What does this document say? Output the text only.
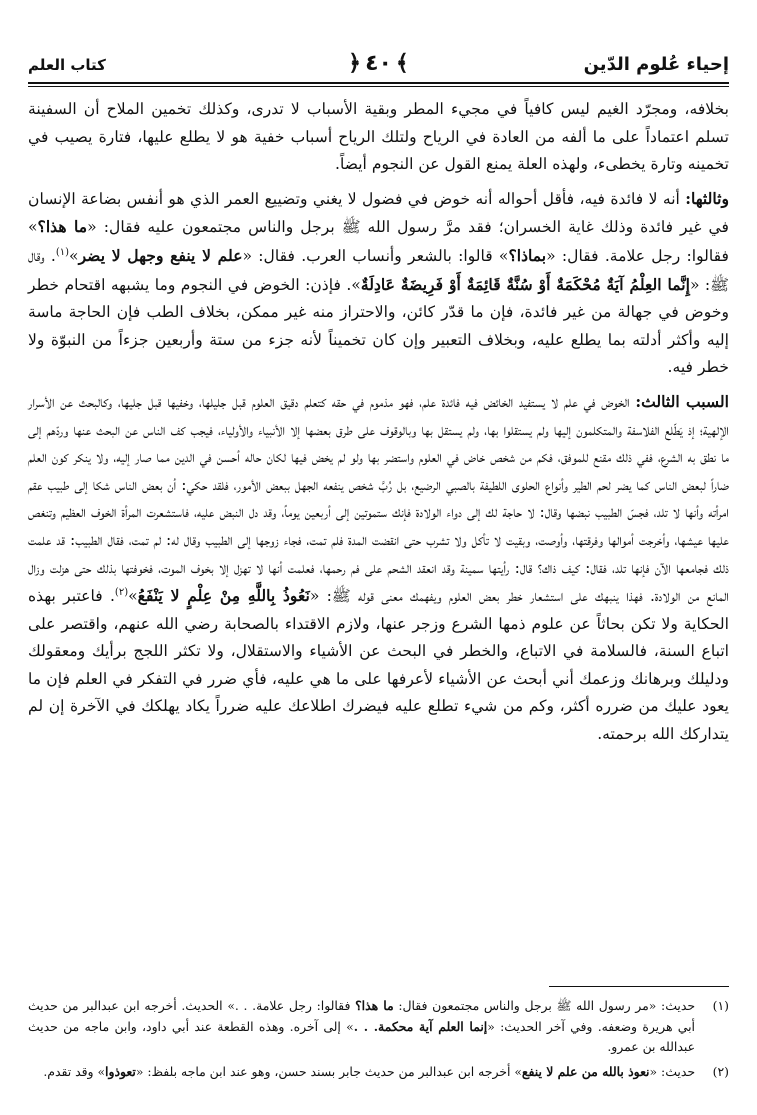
إحياء عُلوم الدّين
﴿ ٤٠ ﴾
كتاب العلم

بخلافه، ومجرّد الغيم ليس كافياً في مجيء المطر وبقية الأسباب لا تدرى، وكذلك تخمين الملاح أن السفينة تسلم اعتماداً على ما ألفه من العادة في الرياح ولتلك الرياح أسباب خفية هو لا يطلع عليها، فتارة يصيب في تخمينه وتارة يخطىء، ولهذه العلة يمنع القول عن النجوم أيضاً.

وثالثها: أنه لا فائدة فيه، فأقل أحواله أنه خوض في فضول لا يغني وتضييع العمر الذي هو أنفس بضاعة الإنسان في غير فائدة وذلك غاية الخسران؛ فقد مرَّ رسول الله ﷺ برجل والناس مجتمعون عليه فقال: «ما هذا؟» فقالوا: رجل علامة. فقال: «بماذا؟» قالوا: بالشعر وأنساب العرب. فقال: «علم لا ينفع وجهل لا يضر»$^{(١)}$. وقال ﷺ: «إِنَّما العِلْمُ آيَةٌ مُحْكَمَةٌ أَوْ سُنَّةٌ قَائِمَةٌ أَوْ فَرِيضَةٌ عَادِلَةٌ». فإذن: الخوض في النجوم وما يشبهه اقتحام خطر وخوض في جهالة من غير فائدة، فإن ما قدّر كائن، والاحتراز منه غير ممكن، بخلاف الطب فإن الحاجة ماسة إليه وأكثر أدلته بما يطلع عليه، وبخلاف التعبير وإن كان تخميناً لأنه جزء من ستة وأربعين جزءاً من النبوّة ولا خطر فيه.

السبب الثالث: الخوض في علم لا يستفيد الخائض فيه فائدة علم، فهو مذموم في حقه كتعلم دقيق العلوم قبل جليلها، وخفيها قبل جليها، وكالبحث عن الأسرار الإلهية؛ إذ يَطّلع الفلاسفة والمتكلمون إليها ولم يستقلوا بها، ولم يستقل بها وبالوقوف على طرق بعضها إلا الأنبياء والأولياء، فيجب كف الناس عن البحث عنها وردّهم إلى ما نطق به الشرع، ففي ذلك مقنع للموفق، فكم من شخص خاض في العلوم واستضر بها ولو لم يخض فيها لكان حاله أحسن في الدين مما صار إليه، ولا ينكر كون العلم ضاراً لبعض الناس كما يضر لحم الطير وأنواع الحلوى اللطيفة بالصبي الرضيع، بل رُبَّ شخص ينفعه الجهل ببعض الأمور، فلقد حكي: أن بعض الناس شكا إلى طبيب عقم امرأته وأنها لا تلد، فجسّ الطبيب نبضها وقال: لا حاجة لك إلى دواء الولادة فإنك ستموتين إلى أربعين يوماً، وقد دل النبض عليه، فاستشعرت المرأة الخوف العظيم وتنغص عليها عيشها، وأخرجت أموالها وفرقتها، وأوصت، وبقيت لا تأكل ولا تشرب حتى انقضت المدة فلم تمت، فجاء زوجها إلى الطبيب وقال له: لم تمت، فقال الطبيب: قد علمت ذلك فجامعها الآن فإنها تلد، فقال: كيف ذاك؟ قال: رأيتها سمينة وقد انعقد الشحم على فم رحمها، فعلمت أنها لا تهزل إلا بخوف الموت، فخوفتها بذلك حتى هزلت وزال المانع من الولادة. فهذا ينبهك على استشعار خطر بعض العلوم ويفهمك معنى قوله ﷺ: «نَعُوذُ بِاللَّهِ مِنْ عِلْمٍ لا يَنْفَعُ»$^{(٢)}$. فاعتبر بهذه الحكاية ولا تكن بحاثاً عن علوم ذمها الشرع وزجر عنها، ولازم الاقتداء بالصحابة رضي الله عنهم، واقتصر على اتباع السنة، فالسلامة في الاتباع، والخطر في البحث عن الأشياء والاستقلال، ولا تكثر اللجج برأيك ومعقولك ودليلك وبرهانك وزعمك أني أبحث عن الأشياء لأعرفها على ما هي عليه، فأي ضرر في التفكر في العلم فإن ما يعود عليك من ضرره أكثر، وكم من شيء تطلع عليه فيضرك اطلاعك عليه ضرراً يكاد يهلكك في الآخرة إن لم يتداركك الله برحمته.

(١)
حديث: «مر رسول الله ﷺ برجل والناس مجتمعون فقال: ما هذا؟ فقالوا: رجل علامة. . .» الحديث. أخرجه ابن عبدالبر من حديث أبي هريرة وضعفه. وفي آخر الحديث: «إنما العلم آية محكمة. . .» إلى آخره. وهذه القطعة عند أبي داود، وابن ماجه من حديث عبدالله بن عمرو.
(٢)
حديث: «نعوذ بالله من علم لا ينفع» أخرجه ابن عبدالبر من حديث جابر بسند حسن، وهو عند ابن ماجه بلفظ: «تعوذوا» وقد تقدم.
